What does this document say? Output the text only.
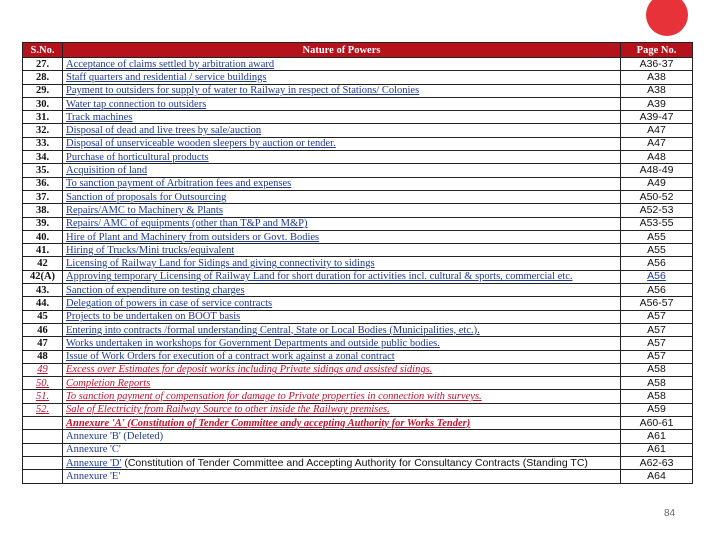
S.No.	Nature of Powers	Page No.
27.	Acceptance of claims settled by arbitration award	A36-37
28.	Staff quarters and residential / service buildings	A38
29.	Payment to outsiders for supply of water to Railway in respect of Stations/ Colonies	A38
30.	Water tap connection to outsiders	A39
31.	Track machines	A39-47
32.	Disposal of dead and live trees by sale/auction	A47
33.	Disposal of unserviceable wooden sleepers by auction or tender.	A47
34.	Purchase of horticultural products	A48
35.	Acquisition of land	A48-49
36.	To sanction payment of Arbitration fees and expenses	A49
37.	Sanction of proposals for Outsourcing	A50-52
38.	Repairs/AMC to Machinery & Plants	A52-53
39.	Repairs/ AMC of equipments (other than T&P and M&P)	A53-55
40.	Hire of Plant and Machinery from outsiders or Govt. Bodies	A55
41.	Hiring of Trucks/Mini trucks/equivalent	A55
42	Licensing of Railway Land for Sidings and giving connectivity to sidings	A56
42(A)	Approving temporary Licensing of Railway Land for short duration for activities incl. cultural & sports, commercial etc.	A56
43.	Sanction of expenditure on testing charges	A56
44.	Delegation of powers in case of service contracts	A56-57
45	Projects to be undertaken on BOOT basis	A57
46	Entering into contracts /formal understanding Central, State or Local Bodies (Municipalities, etc.).	A57
47	Works undertaken in workshops for Government Departments and outside public bodies.	A57
48	Issue of Work Orders for execution of a contract work against a zonal contract	A57
49	Excess over Estimates for deposit works including Private sidings and assisted sidings.	A58
50.	Completion Reports	A58
51.	To sanction payment of compensation for damage to Private properties in connection with surveys.	A58
52.	Sale of Electricity from Railway Source to other inside the Railway premises.	A59
	Annexure 'A' (Constitution of Tender Committee andy accepting Authority for Works Tender)	A60-61
	Annexure 'B' (Deleted)	A61
	Annexure 'C'	A61
	Annexure 'D' (Constitution of Tender Committee and Accepting Authority for Consultancy Contracts (Standing TC)	A62-63
	Annexure 'E'	A64
84
